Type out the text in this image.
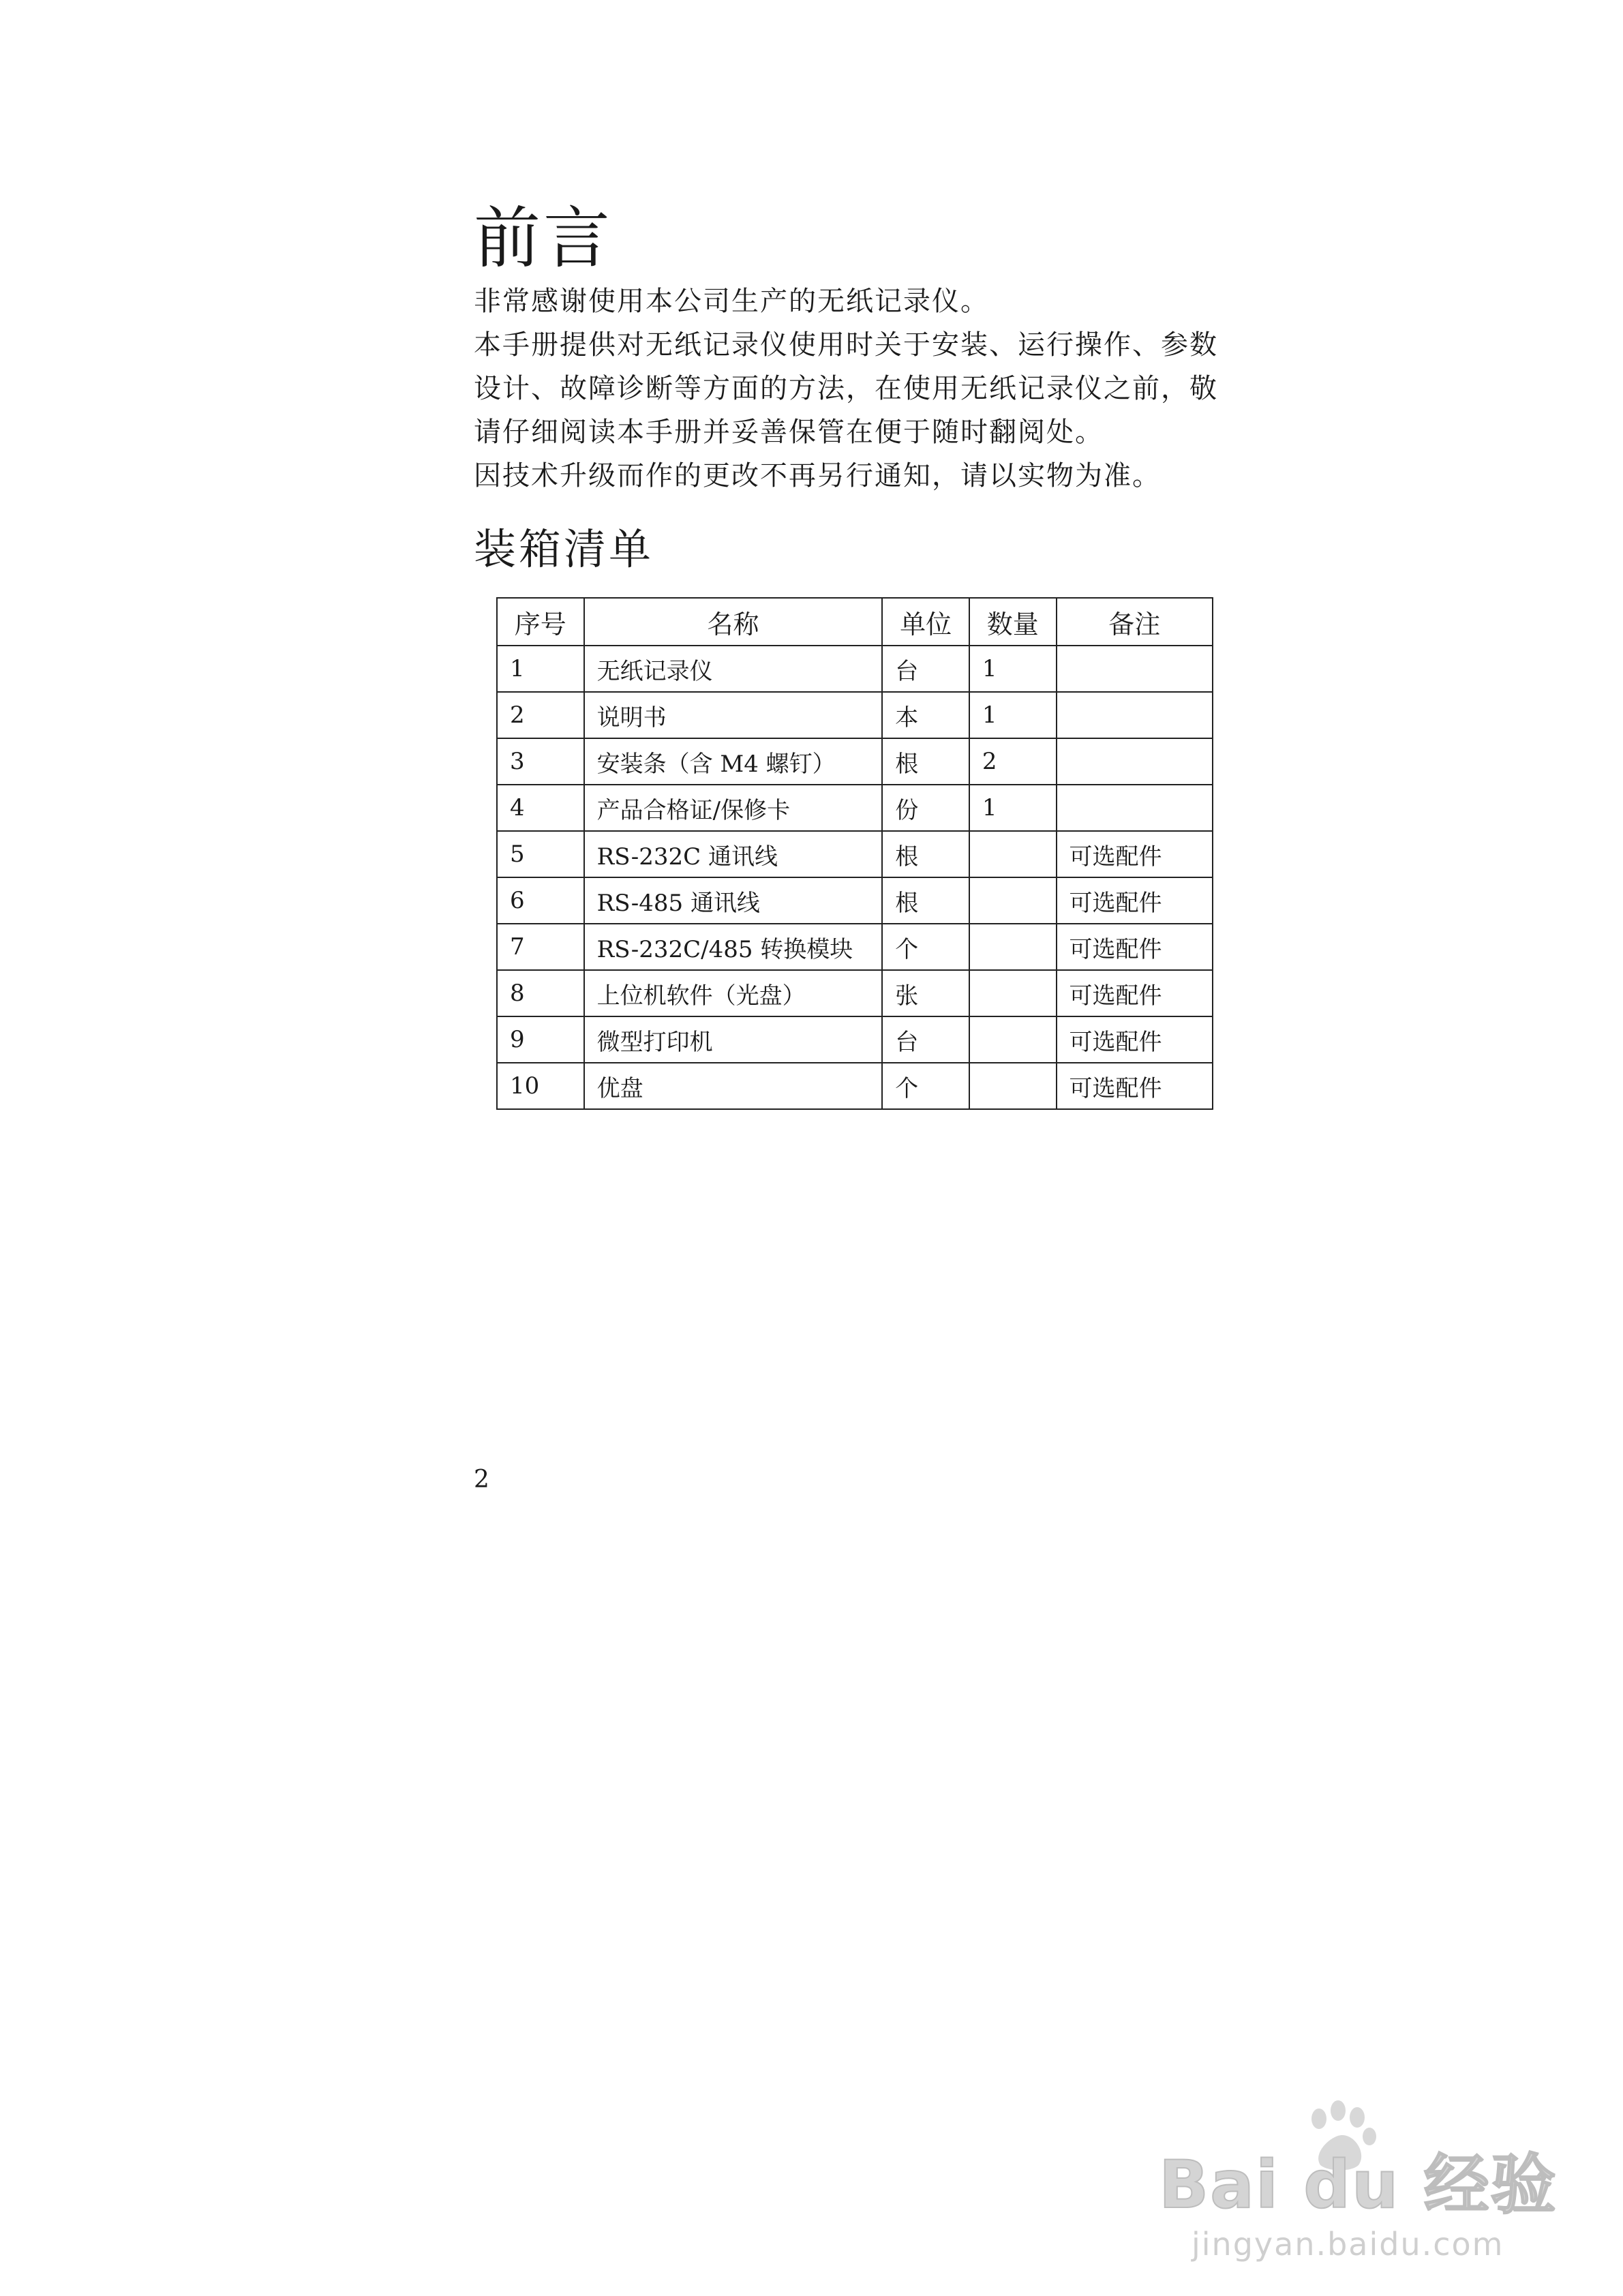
前言

非常感谢使用本公司生产的无纸记录仪。

本手册提供对无纸记录仪使用时关于安装、运行操作、参数

设计、故障诊断等方面的方法，在使用无纸记录仪之前，敬

请仔细阅读本手册并妥善保管在便于随时翻阅处。

因技术升级而作的更改不再另行通知，请以实物为准。

装箱清单
序号	名称	单位	数量	备注
1	无纸记录仪	台	1	
2	说明书	本	1	
3	安装条（含 M4 螺钉）	根	2	
4	产品合格证/保修卡	份	1	
5	RS-232C 通讯线	根		可选配件
6	RS-485 通讯线	根		可选配件
7	RS-232C/485 转换模块	个		可选配件
8	上位机软件（光盘）	张		可选配件
9	微型打印机	台		可选配件
10	优盘	个		可选配件
2
Bai du 经验
jingyan.baidu.com
